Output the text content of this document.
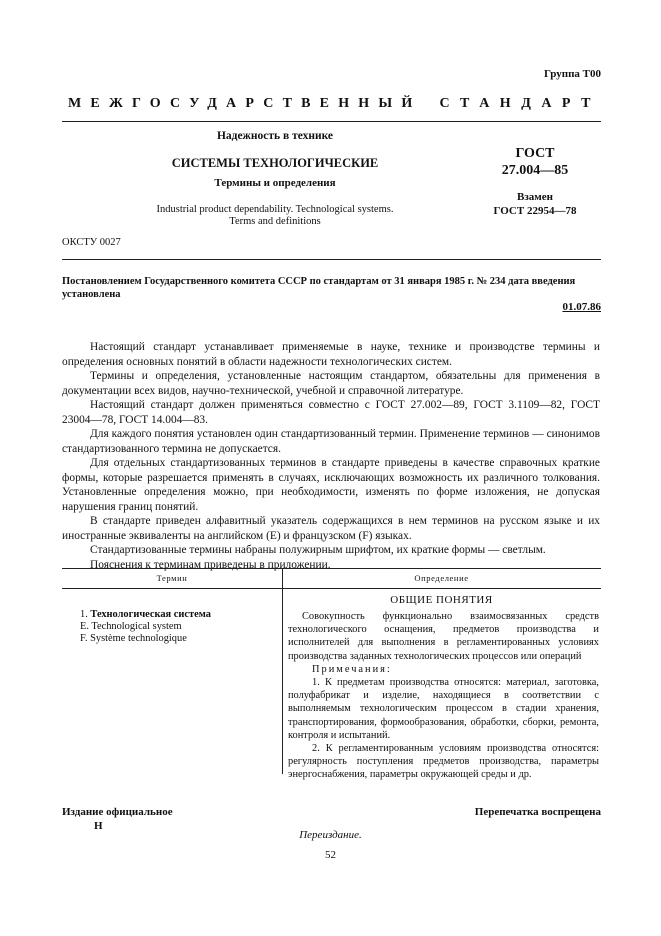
Группа Т00
МЕЖГОСУДАРСТВЕННЫЙ СТАНДАРТ
Надежность в технике
СИСТЕМЫ ТЕХНОЛОГИЧЕСКИЕ
Термины и определения
Industrial product dependability. Technological systems.
Terms and definitions
ГОСТ
27.004—85
Взамен
ГОСТ 22954—78
ОКСТУ 0027
Постановлением Государственного комитета СССР по стандартам от 31 января 1985 г. № 234 дата введения установлена
01.07.86

Настоящий стандарт устанавливает применяемые в науке, технике и производстве термины и определения основных понятий в области надежности технологических систем.

Термины и определения, установленные настоящим стандартом, обязательны для применения в документации всех видов, научно-технической, учебной и справочной литературе.

Настоящий стандарт должен применяться совместно с ГОСТ 27.002—89, ГОСТ 3.1109—82, ГОСТ 23004—78, ГОСТ 14.004—83.

Для каждого понятия установлен один стандартизованный термин. Применение терминов — синонимов стандартизованного термина не допускается.

Для отдельных стандартизованных терминов в стандарте приведены в качестве справочных краткие формы, которые разрешается применять в случаях, исключающих возможность их различного толкования. Установленные определения можно, при необходимости, изменять по форме изложения, не допуская нарушения границ понятий.

В стандарте приведен алфавитный указатель содержащихся в нем терминов на русском языке и их иностранные эквиваленты на английском (E) и французском (F) языках.

Стандартизованные термины набраны полужирным шрифтом, их краткие формы — светлым.

Пояснения к терминам приведены в приложении.

Термин	Определение
ОБЩИЕ ПОНЯТИЯ
1. Технологическая система
E. Technological system
F. Système technologique

Совокупность функционально взаимосвязанных средств технологического оснащения, предметов производства и исполнителей для выполнения в регламентированных условиях производства заданных технологических процессов или операций

Примечания:

1. К предметам производства относятся: материал, заготовка, полуфабрикат и изделие, находящиеся в соответствии с выполняемым технологическим процессом в стадии хранения, транспортирования, формообразования, обработки, сборки, ремонта, контроля и испытаний.

2. К регламентированным условиям производства относятся: регулярность поступления предметов производства, параметры энергоснабжения, параметры окружающей среды и др.

Издание официальное
Н
Перепечатка воспрещена
Переиздание.
52
